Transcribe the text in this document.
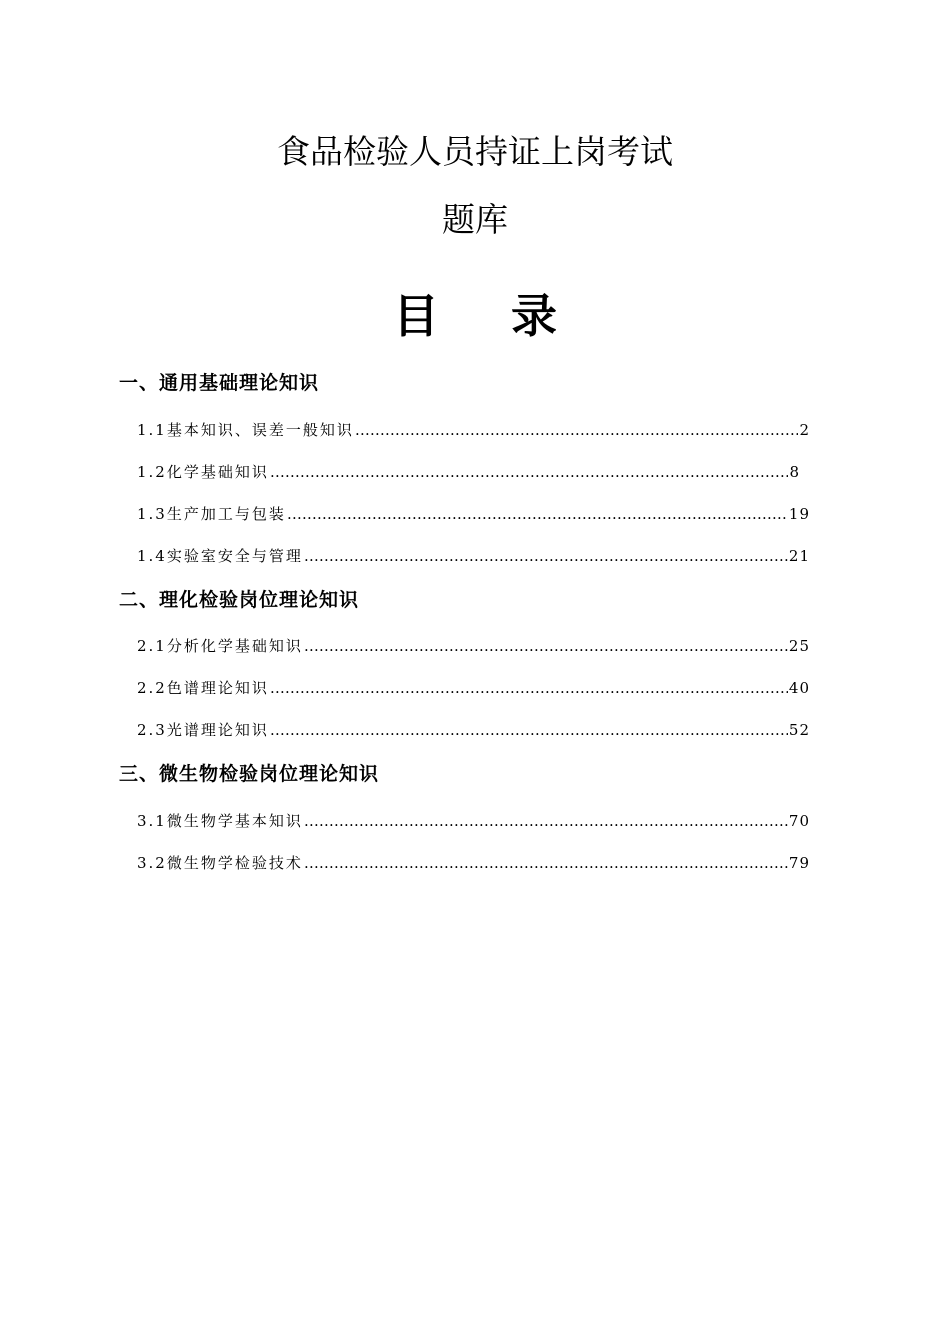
食品检验人员持证上岗考试
题库
目录
一、通用基础理论知识
1.1基本知识、误差一般知识 …………………………………………………………………………………………………………………………………………………………………………………………………………	2
1.2化学基础知识 …………………………………………………………………………………………………………………………………………………………………………………………………………	8
1.3生产加工与包装 …………………………………………………………………………………………………………………………………………………………………………………………………………	19
1.4实验室安全与管理 …………………………………………………………………………………………………………………………………………………………………………………………………………	21
二、理化检验岗位理论知识
2.1分析化学基础知识 …………………………………………………………………………………………………………………………………………………………………………………………………………	25
2.2色谱理论知识 …………………………………………………………………………………………………………………………………………………………………………………………………………	40
2.3光谱理论知识 …………………………………………………………………………………………………………………………………………………………………………………………………………	52
三、微生物检验岗位理论知识
3.1微生物学基本知识 …………………………………………………………………………………………………………………………………………………………………………………………………………	70
3.2微生物学检验技术 …………………………………………………………………………………………………………………………………………………………………………………………………………	79
